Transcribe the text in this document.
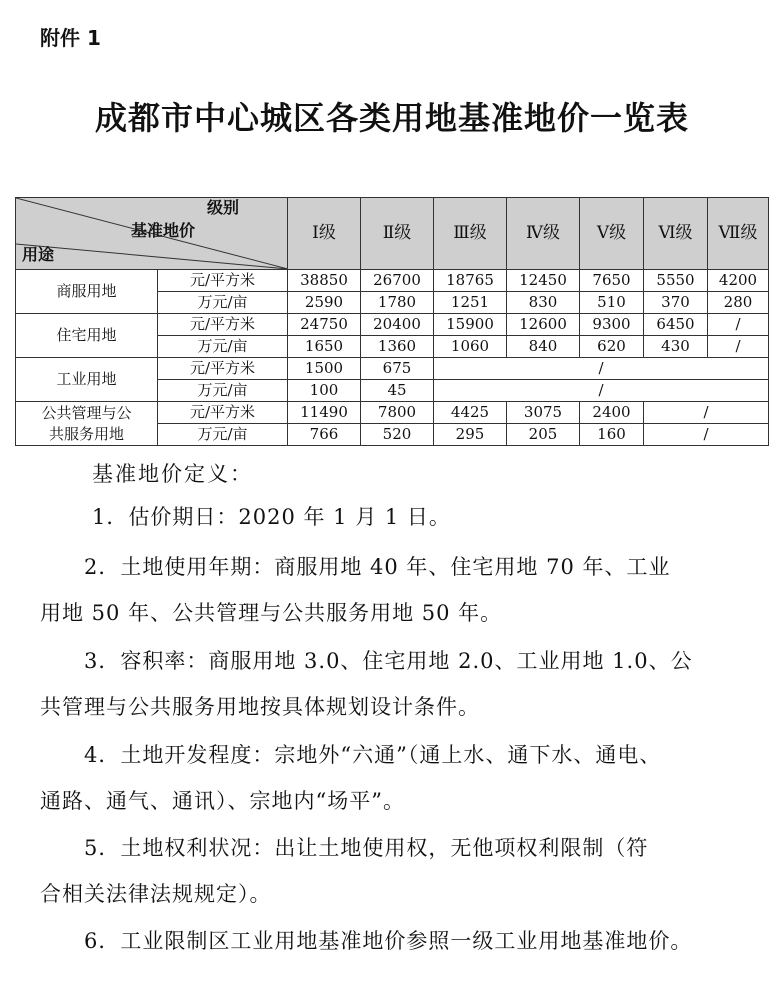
附件 1
成都市中心城区各类用地基准地价一览表
级别
基准地价
用途		Ⅰ级	Ⅱ级	Ⅲ级	Ⅳ级	Ⅴ级	Ⅵ级	Ⅶ级
商服用地	元/平方米	38850	26700	18765	12450	7650	5550	4200
	万元/亩	2590	1780	1251	830	510	370	280
住宅用地	元/平方米	24750	20400	15900	12600	9300	6450	/
	万元/亩	1650	1360	1060	840	620	430	/
工业用地	元/平方米	1500	675	/				
	万元/亩	100	45	/				

公共管理与公
共服务用地	元/平方米	11490	7800	4425	3075	2400	/	
	万元/亩	766	520	295	205	160	/	
基准地价定义：
1．估价期日：2020 年 1 月 1 日。
　　2．土地使用年期：商服用地 40 年、住宅用地 70 年、工业
用地 50 年、公共管理与公共服务用地 50 年。
　　3．容积率：商服用地 3.0、住宅用地 2.0、工业用地 1.0、公
共管理与公共服务用地按具体规划设计条件。
　　4．土地开发程度：宗地外“六通”（通上水、通下水、通电、
通路、通气、通讯）、宗地内“场平”。
　　5．土地权利状况：出让土地使用权，无他项权利限制（符
合相关法律法规规定）。
　　6．工业限制区工业用地基准地价参照一级工业用地基准地价。
